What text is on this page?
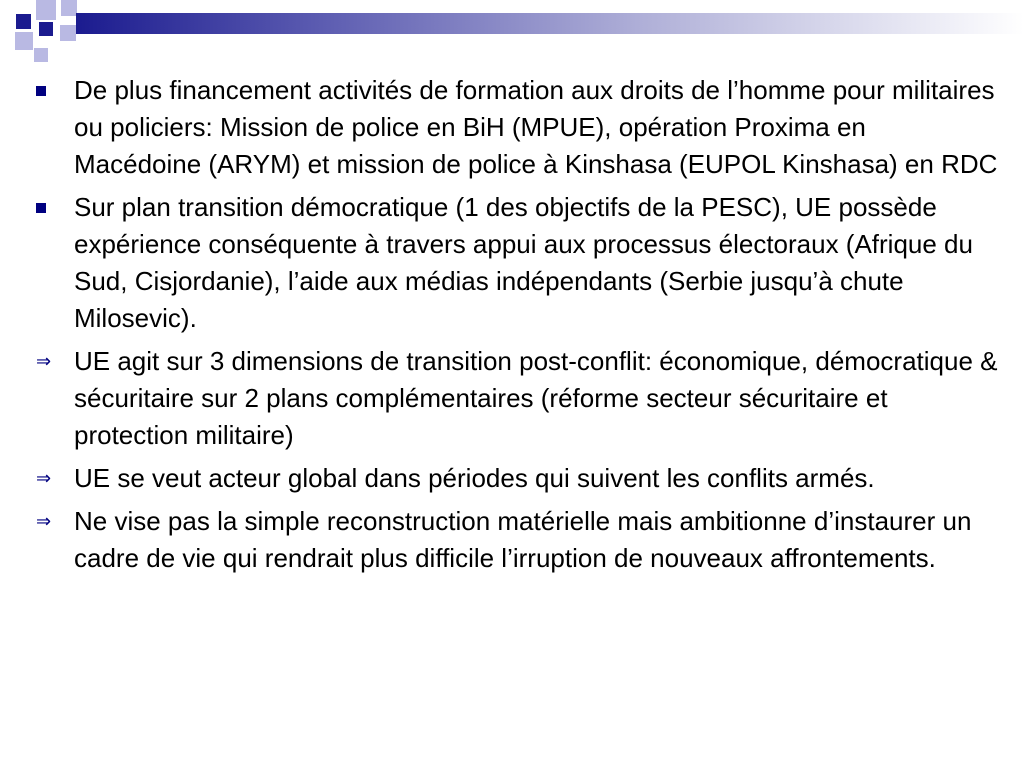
De plus financement activités de formation aux droits de l’homme pour militaires ou policiers: Mission de police en BiH (MPUE), opération Proxima en Macédoine (ARYM) et mission de police à Kinshasa (EUPOL Kinshasa) en RDC
Sur plan transition démocratique (1 des objectifs de la PESC), UE possède expérience conséquente à travers appui aux processus électoraux (Afrique du Sud, Cisjordanie), l’aide aux médias indépendants (Serbie jusqu’à chute Milosevic).
⇒ UE agit sur 3 dimensions de transition post-conflit: économique, démocratique & sécuritaire sur 2 plans complémentaires (réforme secteur sécuritaire et protection militaire)
⇒ UE se veut acteur global dans périodes qui suivent les conflits armés.
⇒ Ne vise pas la simple reconstruction matérielle mais ambitionne d’instaurer un cadre de vie qui rendrait plus difficile l’irruption de nouveaux affrontements.
